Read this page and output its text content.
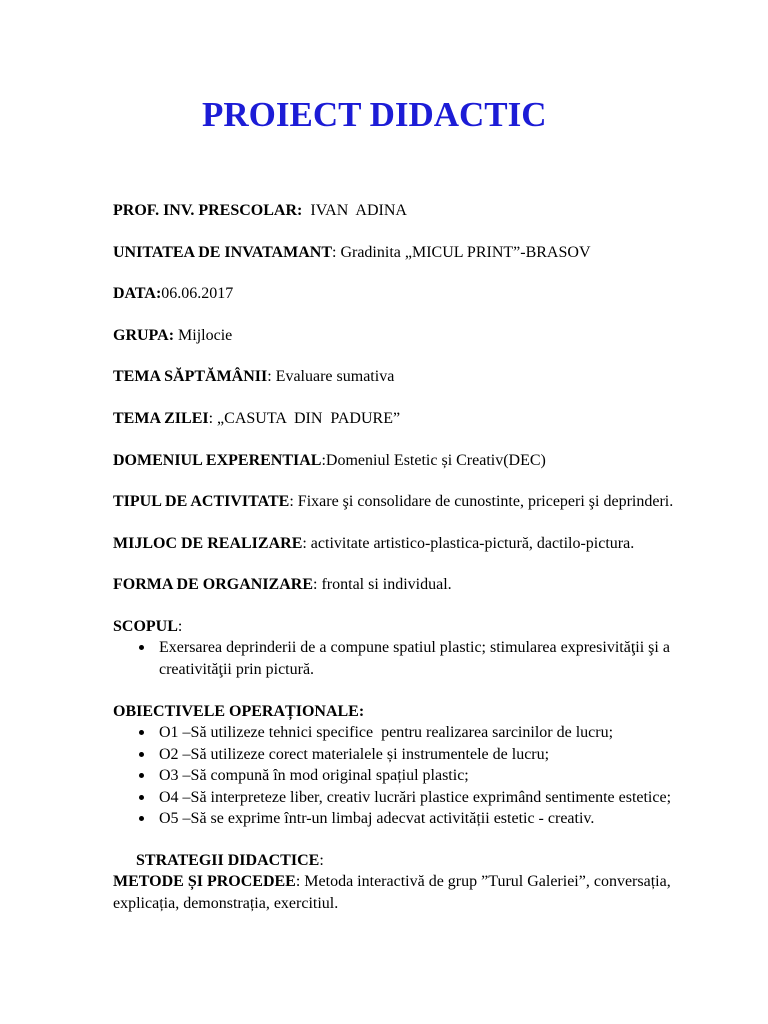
PROIECT DIDACTIC

PROF. INV. PRESCOLAR:  IVAN  ADINA

UNITATEA DE INVATAMANT: Gradinita „MICUL PRINT”-BRASOV

DATA:06.06.2017

GRUPA: Mijlocie

TEMA SĂPTĂMÂNII: Evaluare sumativa

TEMA ZILEI: „CASUTA  DIN  PADURE”

DOMENIUL EXPERENTIAL:Domeniul Estetic și Creativ(DEC)

TIPUL DE ACTIVITATE: Fixare şi consolidare de cunostinte, priceperi şi deprinderi.

MIJLOC DE REALIZARE: activitate artistico-plastica-pictură, dactilo-pictura.

FORMA DE ORGANIZARE: frontal si individual.

SCOPUL:

Exersarea deprinderii de a compune spatiul plastic; stimularea expresivităţii şi a creativităţii prin pictură.

OBIECTIVELE OPERAȚIONALE:

O1 –Să utilizeze tehnici specifice  pentru realizarea sarcinilor de lucru;
O2 –Să utilizeze corect materialele și instrumentele de lucru;
O3 –Să compună în mod original spațiul plastic;
O4 –Să interpreteze liber, creativ lucrări plastice exprimând sentimente estetice;
O5 –Să se exprime într-un limbaj adecvat activității estetic - creativ.

STRATEGII DIDACTICE:

METODE ȘI PROCEDEE: Metoda interactivă de grup ”Turul Galeriei”, conversația, explicația, demonstrația, exercitiul.
